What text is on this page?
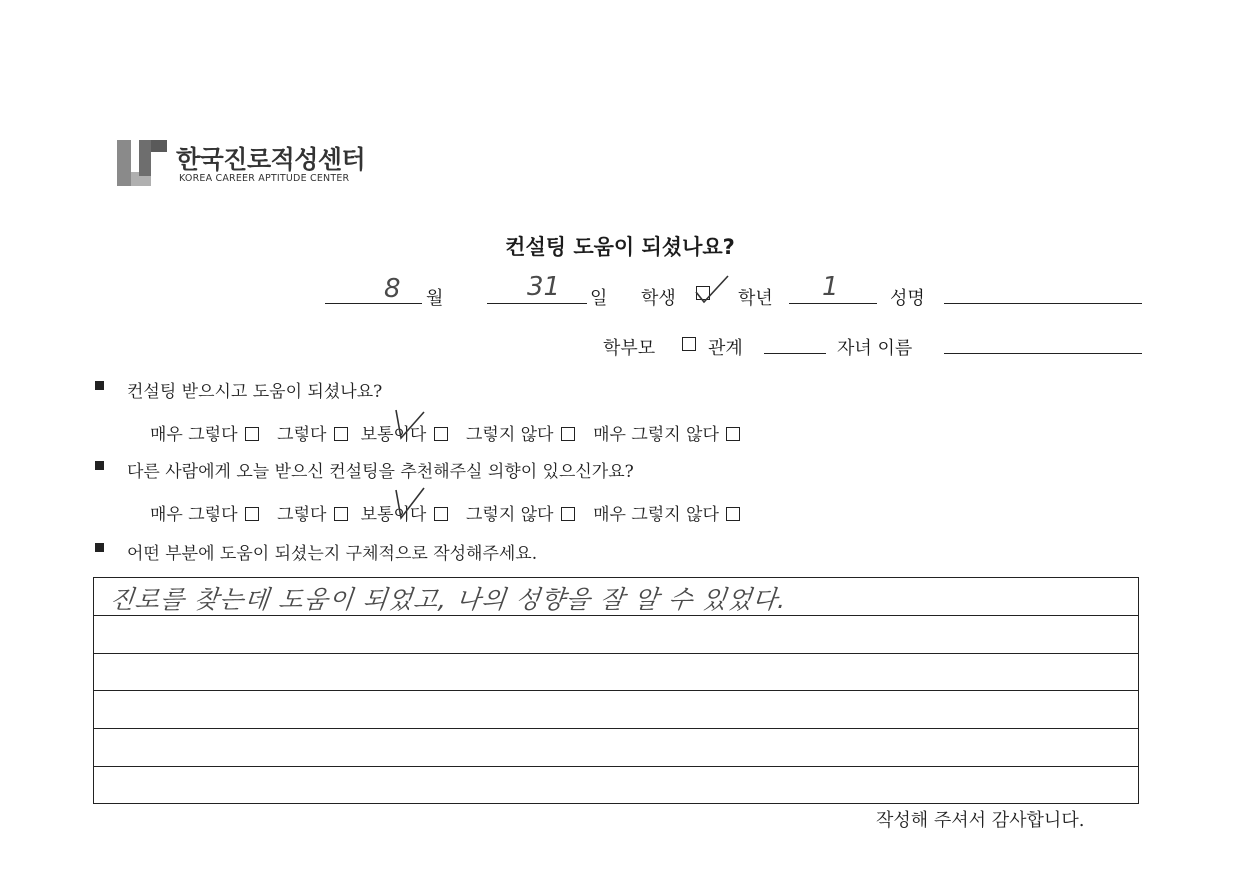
한국진로적성센터
KOREA CAREER APTITUDE CENTER
컨설팅 도움이 되셨나요?
8 월	31 일 학생	학년 1	성명
학부모	관계	자녀 이름
컨설팅 받으시고 도움이 되셨나요?
매우 그렇다 그렇다 보통이다 그렇지 않다 매우 그렇지 않다
다른 사람에게 오늘 받으신 컨설팅을 추천해주실 의향이 있으신가요?
매우 그렇다 그렇다 보통이다 그렇지 않다 매우 그렇지 않다
어떤 부분에 도움이 되셨는지 구체적으로 작성해주세요.
진로를 찾는데 도움이 되었고, 나의 성향을 잘 알 수 있었다.
작성해 주셔서 감사합니다.
